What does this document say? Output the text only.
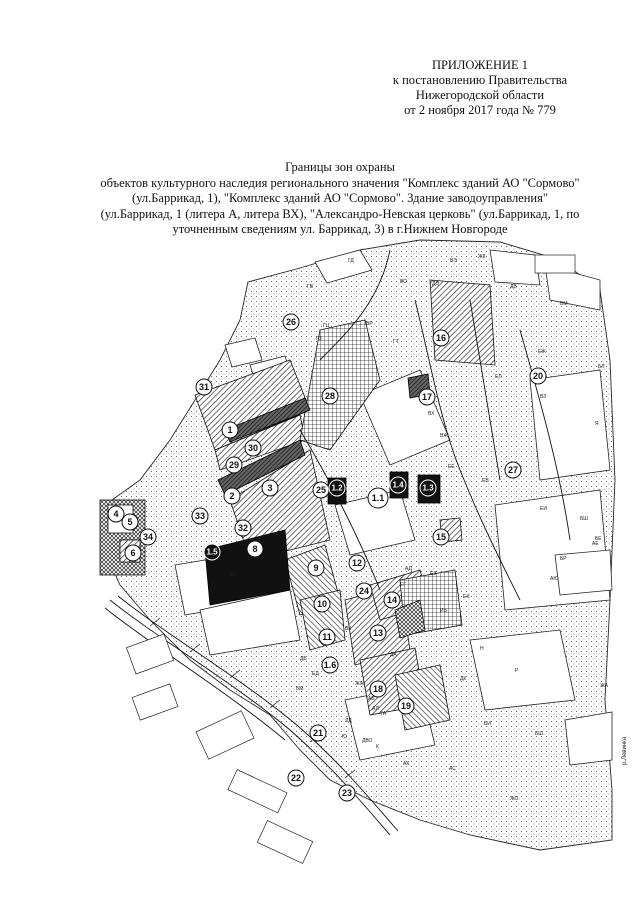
ПРИЛОЖЕНИЕ 1
к постановлению Правительства
Нижегородской области
от 2 ноября 2017 года № 779
Границы зон охраны
объектов культурного наследия регионального значения "Комплекс зданий АО "Сормово"
(ул.Баррикад, 1), "Комплекс зданий АО "Сормово". Здание заводоуправления"
(ул.Баррикад, 1 (литера А, литера ВХ), "Александро-Невская церковь" (ул.Баррикад, 1, по
уточненным сведениям ул. Баррикад, 3) в г.Нижнем Новгороде
1
2
3
4
5
6	8
9
10
11
12
13
14
15
16
17
18
19
20
21
22
23
24
25
26
27
28
29
30
31
32
33
34
1.1
1.2	1.3
1.4
1.5
1.6
ГД
ВО
ЖК
ДВ
ВЭ
ДЭ
ВМ
ГТ
ГВ
ГЦ	ВР
ГЗ
ЕЖ
БЛ
ВЗ
ЕЛ
ВХ
ВЖ
ЕЕ
БШ
ХХ
ЕВ
ЕИ
БЕ
АЕ
АД
ЕЗ
ЕГ
Я
БР
АЮ
ИБ
Р
ВК
ДБ
ЖО
Н
ЕК
БМ
ЕД
ЖЖ
ДА
ЛД
ЖА
АБ
АЛ
Ю
7А
ДВО
К
АК
БШ
БИ
АС
ДК
р.Левинка
